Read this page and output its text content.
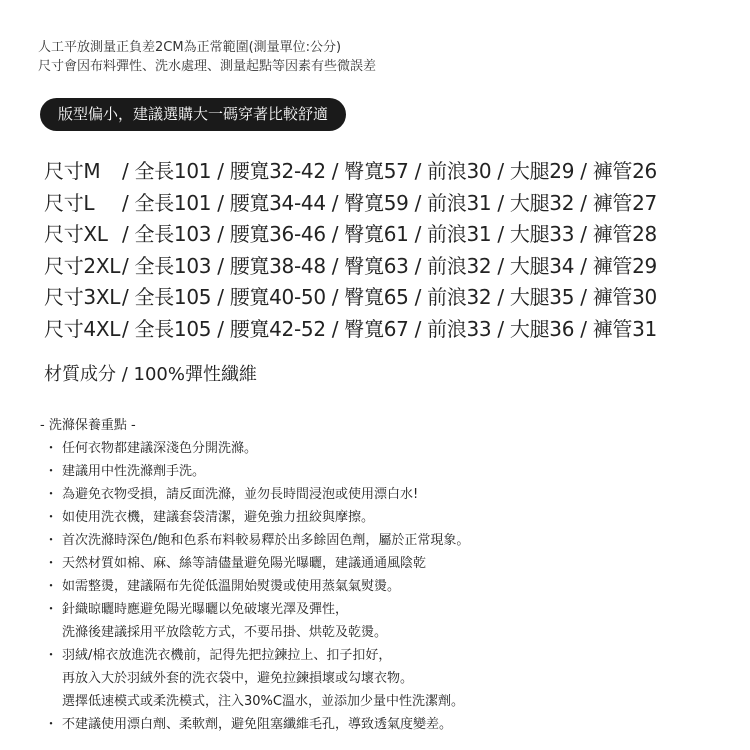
人工平放測量正負差2CM為正常範圍(測量單位:公分)
尺寸會因布料彈性、洗水處理、測量起點等因素有些微誤差
版型偏小，建議選購大一碼穿著比較舒適
尺寸M	/ 全長101 / 腰寬32-42 / 臀寬57 / 前浪30 / 大腿29 / 褲管26
尺寸L	/ 全長101 / 腰寬34-44 / 臀寬59 / 前浪31 / 大腿32 / 褲管27
尺寸XL / 全長103 / 腰寬36-46 / 臀寬61 / 前浪31 / 大腿33 / 褲管28
尺寸2XL / 全長103 / 腰寬38-48 / 臀寬63 / 前浪32 / 大腿34 / 褲管29
尺寸3XL / 全長105 / 腰寬40-50 / 臀寬65 / 前浪32 / 大腿35 / 褲管30
尺寸4XL / 全長105 / 腰寬42-52 / 臀寬67 / 前浪33 / 大腿36 / 褲管31
材質成分 / 100%彈性纖維
- 洗滌保養重點 -
・ 任何衣物都建議深淺色分開洗滌。
・ 建議用中性洗滌劑手洗。
・ 為避免衣物受損，請反面洗滌，並勿長時間浸泡或使用漂白水!
・ 如使用洗衣機，建議套袋清潔，避免強力扭絞與摩擦。
・ 首次洗滌時深色/飽和色系布料較易釋於出多餘固色劑，屬於正常現象。
・ 天然材質如棉、麻、絲等請儘量避免陽光曝曬，建議通通風陰乾
・ 如需整燙，建議隔布先從低溫開始熨燙或使用蒸氣氣熨燙。
・ 針織晾曬時應避免陽光曝曬以免破壞光澤及彈性，
洗滌後建議採用平放陰乾方式，不要吊掛、烘乾及乾燙。
・ 羽絨/棉衣放進洗衣機前，記得先把拉鍊拉上、扣子扣好，
再放入大於羽絨外套的洗衣袋中，避免拉鍊損壞或勾壞衣物。
選擇低速模式或柔洗模式，注入30%C溫水，並添加少量中性洗潔劑。
・ 不建議使用漂白劑、柔軟劑，避免阻塞纖維毛孔，導致透氣度變差。
